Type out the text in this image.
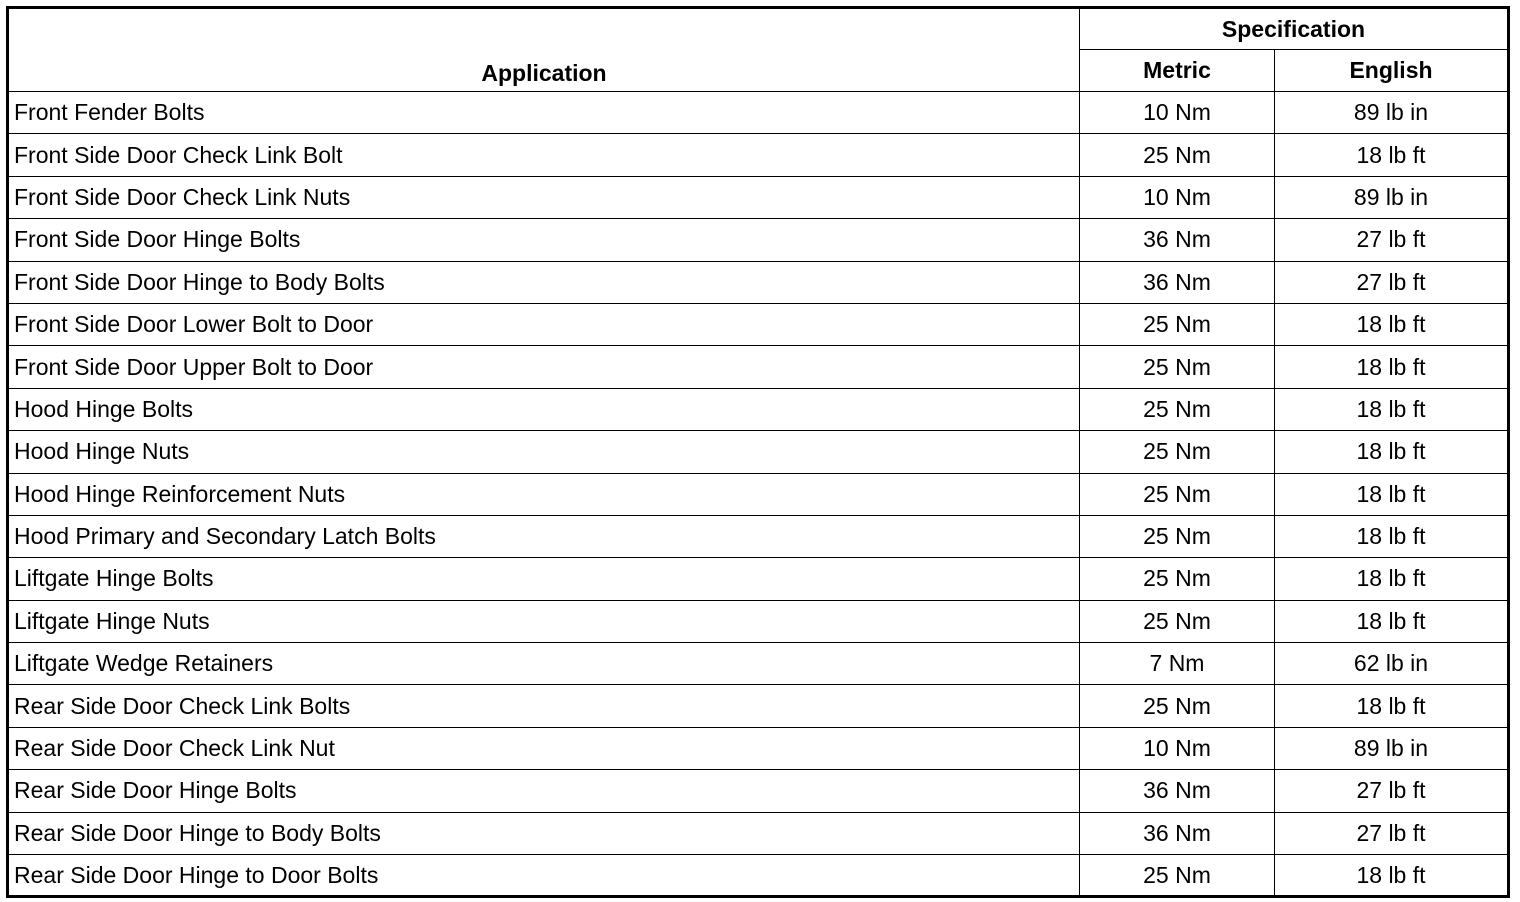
Application	Specification	
	Metric	English
Front Fender Bolts	10 Nm	89 lb in
Front Side Door Check Link Bolt	25 Nm	18 lb ft
Front Side Door Check Link Nuts	10 Nm	89 lb in
Front Side Door Hinge Bolts	36 Nm	27 lb ft
Front Side Door Hinge to Body Bolts	36 Nm	27 lb ft
Front Side Door Lower Bolt to Door	25 Nm	18 lb ft
Front Side Door Upper Bolt to Door	25 Nm	18 lb ft
Hood Hinge Bolts	25 Nm	18 lb ft
Hood Hinge Nuts	25 Nm	18 lb ft
Hood Hinge Reinforcement Nuts	25 Nm	18 lb ft
Hood Primary and Secondary Latch Bolts	25 Nm	18 lb ft
Liftgate Hinge Bolts	25 Nm	18 lb ft
Liftgate Hinge Nuts	25 Nm	18 lb ft
Liftgate Wedge Retainers	7 Nm	62 lb in
Rear Side Door Check Link Bolts	25 Nm	18 lb ft
Rear Side Door Check Link Nut	10 Nm	89 lb in
Rear Side Door Hinge Bolts	36 Nm	27 lb ft
Rear Side Door Hinge to Body Bolts	36 Nm	27 lb ft
Rear Side Door Hinge to Door Bolts	25 Nm	18 lb ft
